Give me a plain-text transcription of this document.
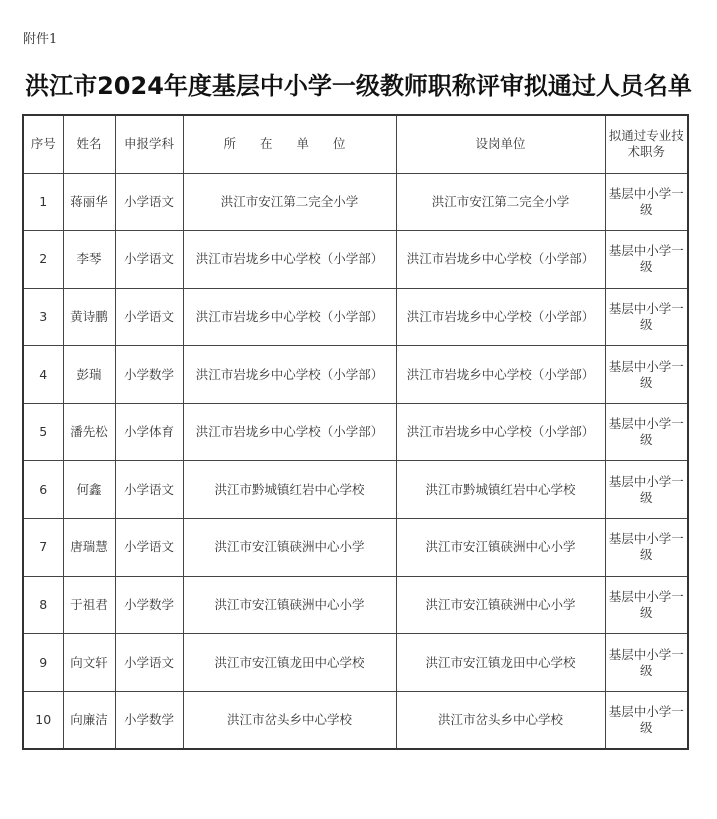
附件1
洪江市2024年度基层中小学一级教师职称评审拟通过人员名单
序号	姓名	申报学科	所 在 单 位	设岗单位	拟通过专业技术职务
1	蒋丽华	小学语文	洪江市安江第二完全小学	洪江市安江第二完全小学	基层中小学一级
2	李琴	小学语文	洪江市岩垅乡中心学校（小学部）	洪江市岩垅乡中心学校（小学部）	基层中小学一级
3	黄诗鹏	小学语文	洪江市岩垅乡中心学校（小学部）	洪江市岩垅乡中心学校（小学部）	基层中小学一级
4	彭瑞	小学数学	洪江市岩垅乡中心学校（小学部）	洪江市岩垅乡中心学校（小学部）	基层中小学一级
5	潘先松	小学体育	洪江市岩垅乡中心学校（小学部）	洪江市岩垅乡中心学校（小学部）	基层中小学一级
6	何鑫	小学语文	洪江市黔城镇红岩中心学校	洪江市黔城镇红岩中心学校	基层中小学一级
7	唐瑞慧	小学语文	洪江市安江镇硖洲中心小学	洪江市安江镇硖洲中心小学	基层中小学一级
8	于祖君	小学数学	洪江市安江镇硖洲中心小学	洪江市安江镇硖洲中心小学	基层中小学一级
9	向文轩	小学语文	洪江市安江镇龙田中心学校	洪江市安江镇龙田中心学校	基层中小学一级
10	向廉洁	小学数学	洪江市岔头乡中心学校	洪江市岔头乡中心学校	基层中小学一级
